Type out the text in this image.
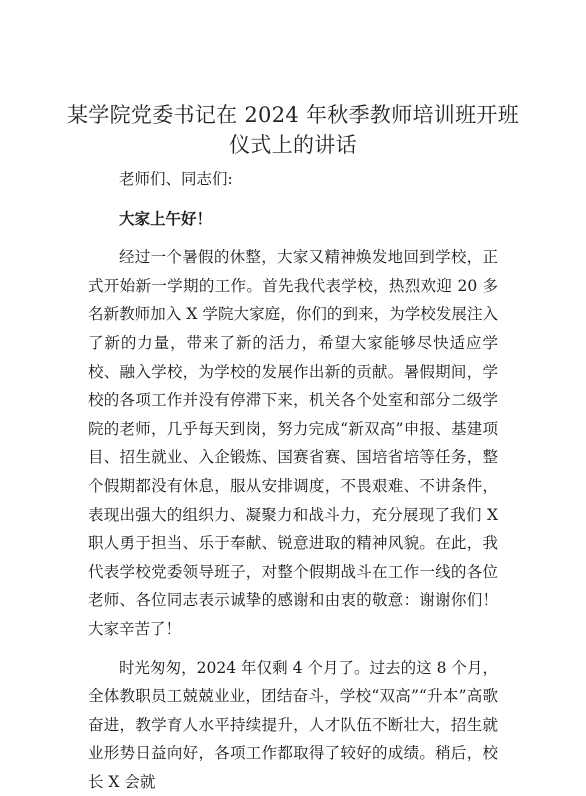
某学院党委书记在 2024 年秋季教师培训班开班
仪式上的讲话

老师们、同志们:

大家上午好！

经过一个暑假的休整，大家又精神焕发地回到学校，正式开始新一学期的工作。首先我代表学校，热烈欢迎 20 多名新教师加入 X 学院大家庭，你们的到来，为学校发展注入了新的力量，带来了新的活力，希望大家能够尽快适应学校、融入学校，为学校的发展作出新的贡献。暑假期间，学校的各项工作并没有停滞下来，机关各个处室和部分二级学院的老师，几乎每天到岗，努力完成“新双高”申报、基建项目、招生就业、入企锻炼、国赛省赛、国培省培等任务，整个假期都没有休息，服从安排调度，不畏艰难、不讲条件，表现出强大的组织力、凝聚力和战斗力，充分展现了我们 X 职人勇于担当、乐于奉献、锐意进取的精神风貌。在此，我代表学校党委领导班子，对整个假期战斗在工作一线的各位老师、各位同志表示诚挚的感谢和由衷的敬意：谢谢你们！大家辛苦了！

时光匆匆，2024 年仅剩 4 个月了。过去的这 8 个月，全体教职员工兢兢业业，团结奋斗，学校“双高”“升本”高歌奋进，教学育人水平持续提升，人才队伍不断壮大，招生就业形势日益向好，各项工作都取得了较好的成绩。稍后，校长 X 会就
